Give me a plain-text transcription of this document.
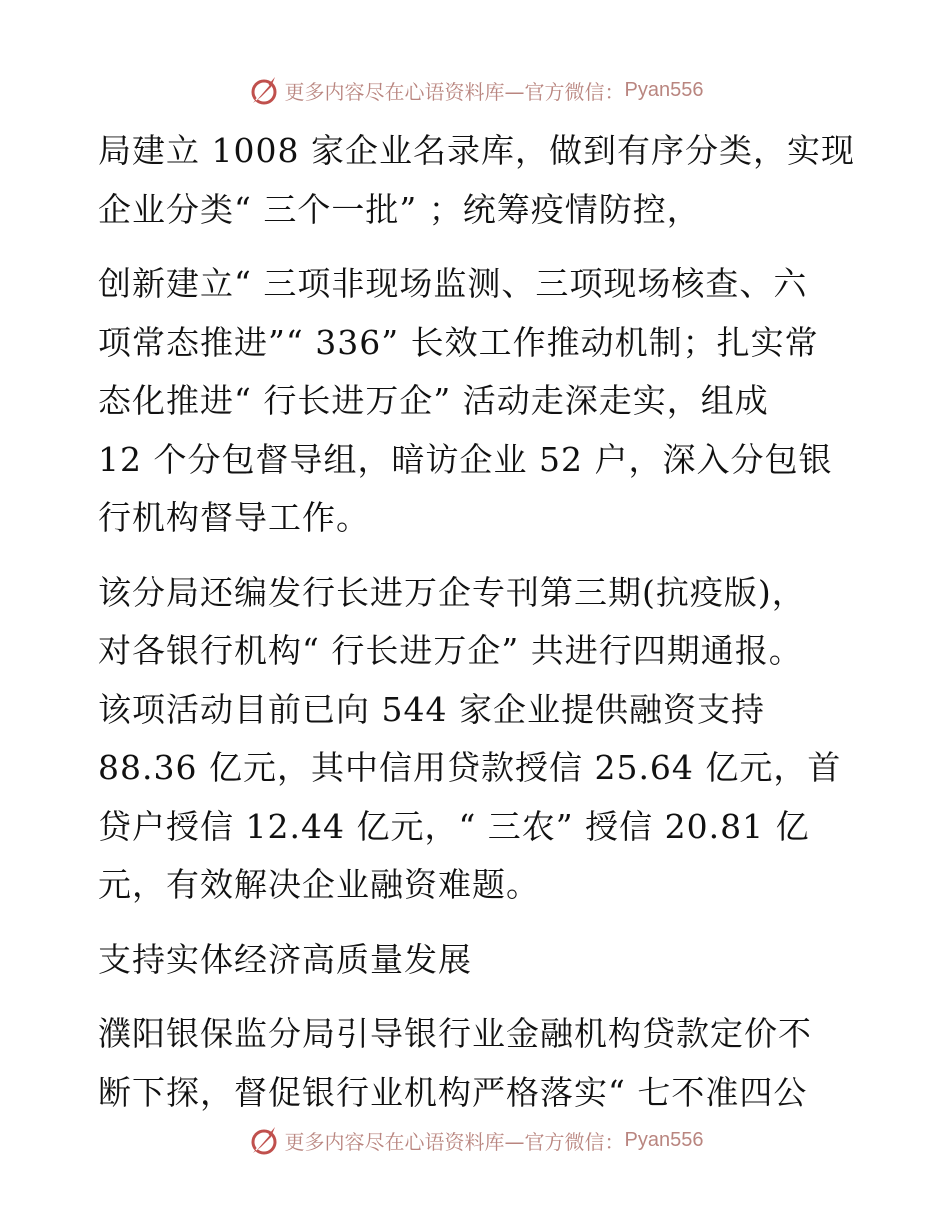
更多内容尽在心语资料库—官方微信： Pyan556

局建立 1008 家企业名录库，做到有序分类，实现
企业分类“ 三个一批” ；统筹疫情防控，

创新建立“ 三项非现场监测、三项现场核查、六
项常态推进”“ 336” 长效工作推动机制；扎实常
态化推进“ 行长进万企” 活动走深走实，组成
12 个分包督导组，暗访企业 52 户，深入分包银
行机构督导工作。

该分局还编发行长进万企专刊第三期(抗疫版)，
对各银行机构“ 行长进万企” 共进行四期通报。
该项活动目前已向 544 家企业提供融资支持
88.36 亿元，其中信用贷款授信 25.64 亿元，首
贷户授信 12.44 亿元，“ 三农” 授信 20.81 亿
元，有效解决企业融资难题。

支持实体经济高质量发展

濮阳银保监分局引导银行业金融机构贷款定价不
断下探，督促银行业机构严格落实“ 七不准四公

更多内容尽在心语资料库—官方微信： Pyan556
